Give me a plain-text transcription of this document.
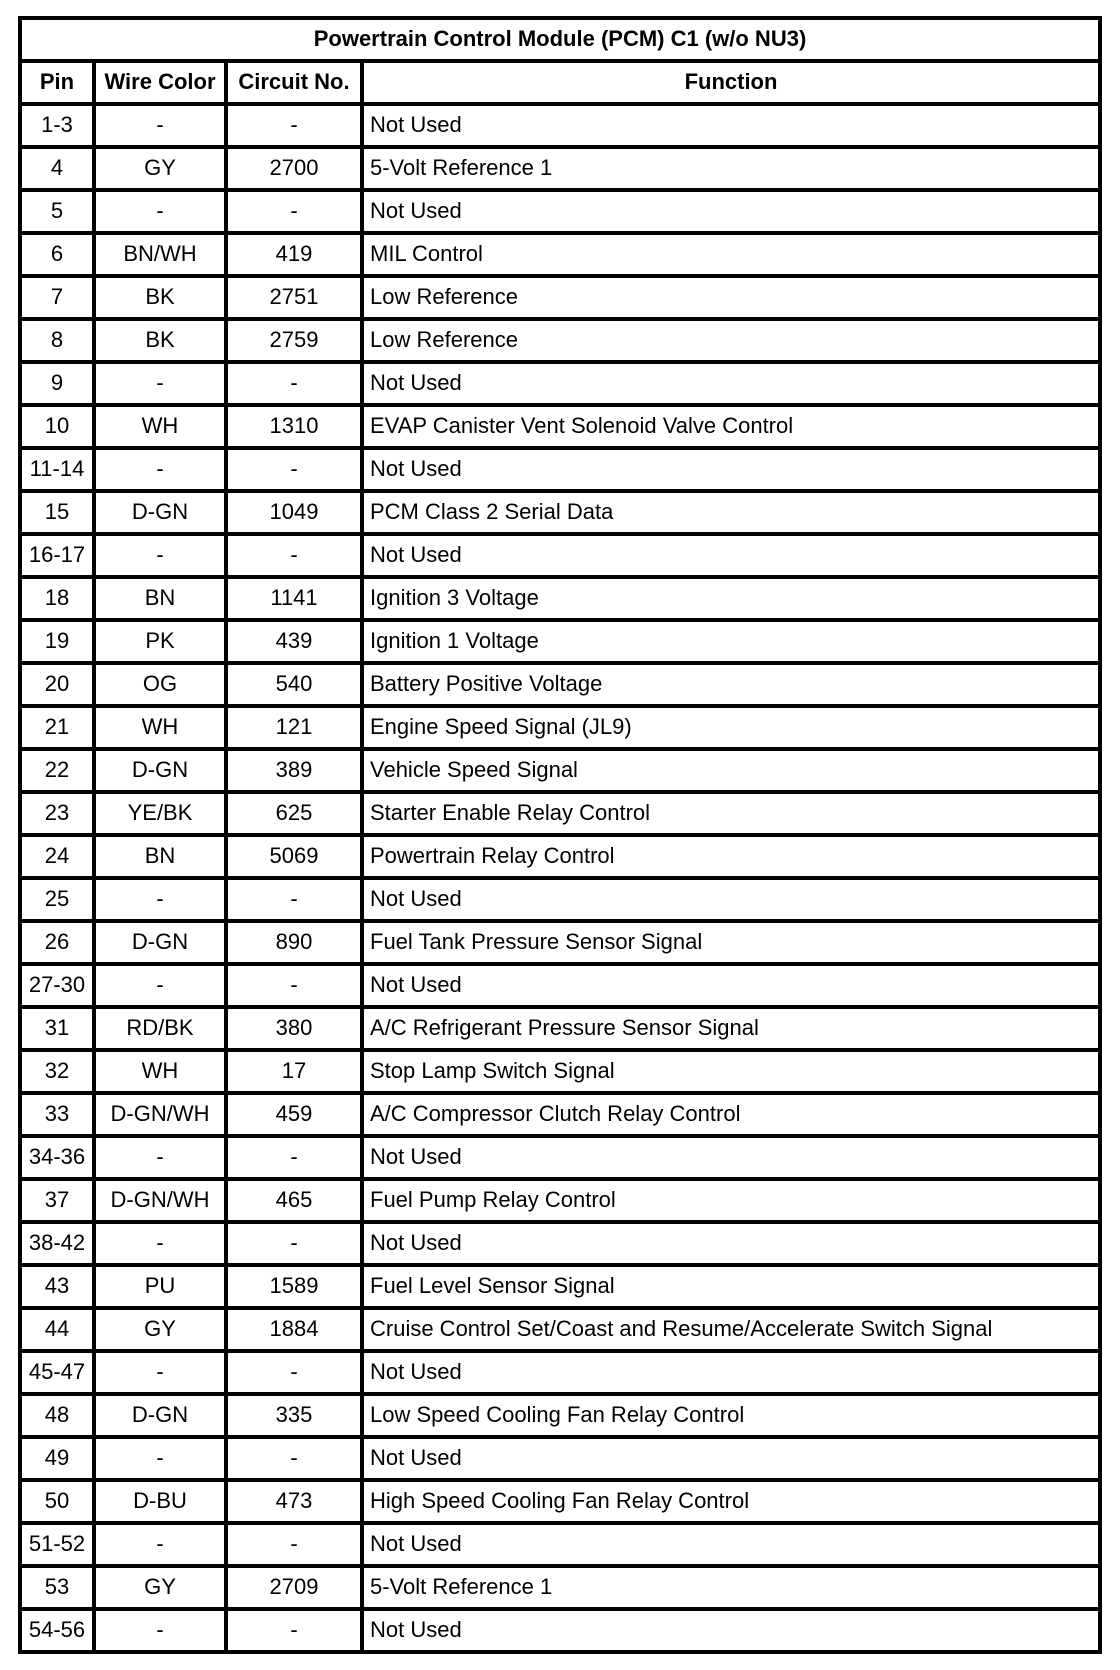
Powertrain Control Module (PCM) C1 (w/o NU3)			
Pin	Wire Color	Circuit No.	Function
1-3	-	-	Not Used
4	GY	2700	5-Volt Reference 1
5	-	-	Not Used
6	BN/WH	419	MIL Control
7	BK	2751	Low Reference
8	BK	2759	Low Reference
9	-	-	Not Used
10	WH	1310	EVAP Canister Vent Solenoid Valve Control
11-14	-	-	Not Used
15	D-GN	1049	PCM Class 2 Serial Data
16-17	-	-	Not Used
18	BN	1141	Ignition 3 Voltage
19	PK	439	Ignition 1 Voltage
20	OG	540	Battery Positive Voltage
21	WH	121	Engine Speed Signal (JL9)
22	D-GN	389	Vehicle Speed Signal
23	YE/BK	625	Starter Enable Relay Control
24	BN	5069	Powertrain Relay Control
25	-	-	Not Used
26	D-GN	890	Fuel Tank Pressure Sensor Signal
27-30	-	-	Not Used
31	RD/BK	380	A/C Refrigerant Pressure Sensor Signal
32	WH	17	Stop Lamp Switch Signal
33	D-GN/WH	459	A/C Compressor Clutch Relay Control
34-36	-	-	Not Used
37	D-GN/WH	465	Fuel Pump Relay Control
38-42	-	-	Not Used
43	PU	1589	Fuel Level Sensor Signal
44	GY	1884	Cruise Control Set/Coast and Resume/Accelerate Switch Signal
45-47	-	-	Not Used
48	D-GN	335	Low Speed Cooling Fan Relay Control
49	-	-	Not Used
50	D-BU	473	High Speed Cooling Fan Relay Control
51-52	-	-	Not Used
53	GY	2709	5-Volt Reference 1
54-56	-	-	Not Used
